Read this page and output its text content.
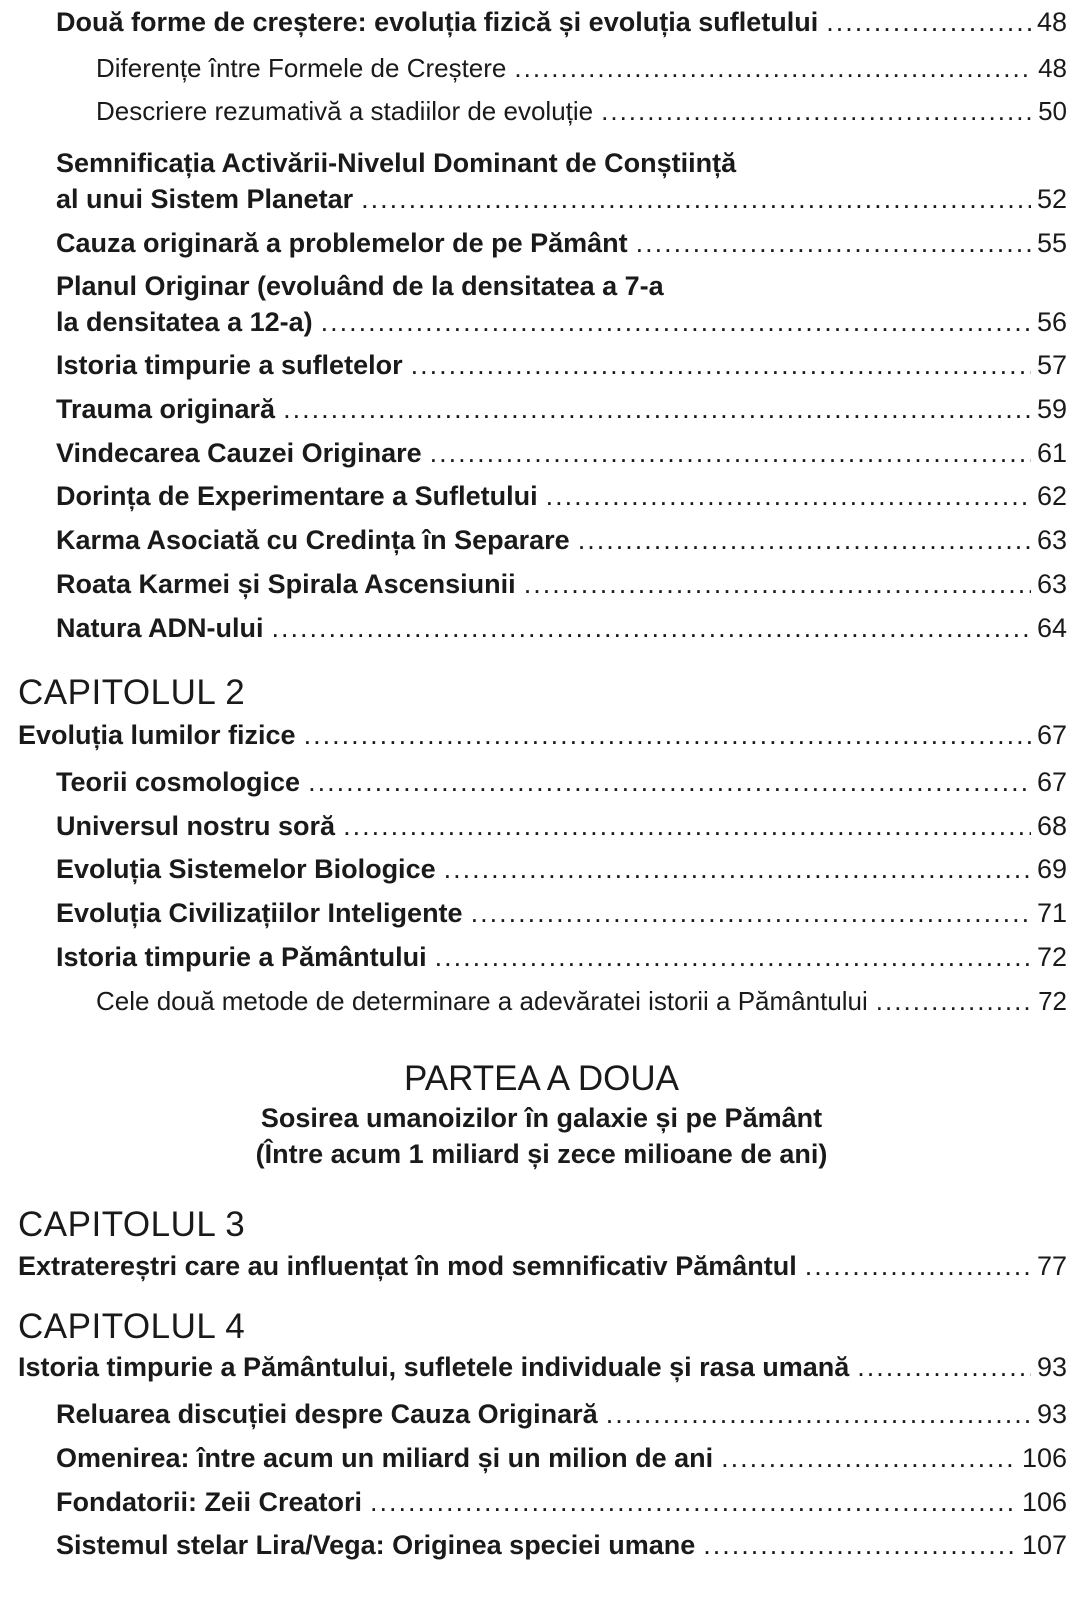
Două forme de creștere: evoluția fizică și evoluția sufletului .....	48
Diferențe între Formele de Creștere .....	48
Descriere rezumativă a stadiilor de evoluție .....	50
Semnificația Activării-Nivelul Dominant de Conștiință
al unui Sistem Planetar .....	52
Cauza originară a problemelor de pe Pământ .....	55
Planul Originar (evoluând de la densitatea a 7-a
la densitatea a 12-a) .....	56
Istoria timpurie a sufletelor .....	57
Trauma originară .....	59
Vindecarea Cauzei Originare .....	61
Dorința de Experimentare a Sufletului .....	62
Karma Asociată cu Credința în Separare .....	63
Roata Karmei și Spirala Ascensiunii .....	63
Natura ADN-ului .....	64
CAPITOLUL 2
Evoluția lumilor fizice .....	67
Teorii cosmologice .....	67
Universul nostru soră .....	68
Evoluția Sistemelor Biologice .....	69
Evoluția Civilizațiilor Inteligente .....	71
Istoria timpurie a Pământului .....	72
Cele două metode de determinare a adevăratei istorii a Pământului .....	72
PARTEA A DOUA
Sosirea umanoizilor în galaxie și pe Pământ
(Între acum 1 miliard și zece milioane de ani)
CAPITOLUL 3
Extratereștri care au influențat în mod semnificativ Pământul .....	77
CAPITOLUL 4
Istoria timpurie a Pământului, sufletele individuale și rasa umană .....	93
Reluarea discuției despre Cauza Originară .....	93
Omenirea: între acum un miliard și un milion de ani .....	106
Fondatorii: Zeii Creatori .....	106
Sistemul stelar Lira/Vega: Originea speciei umane .....	107
